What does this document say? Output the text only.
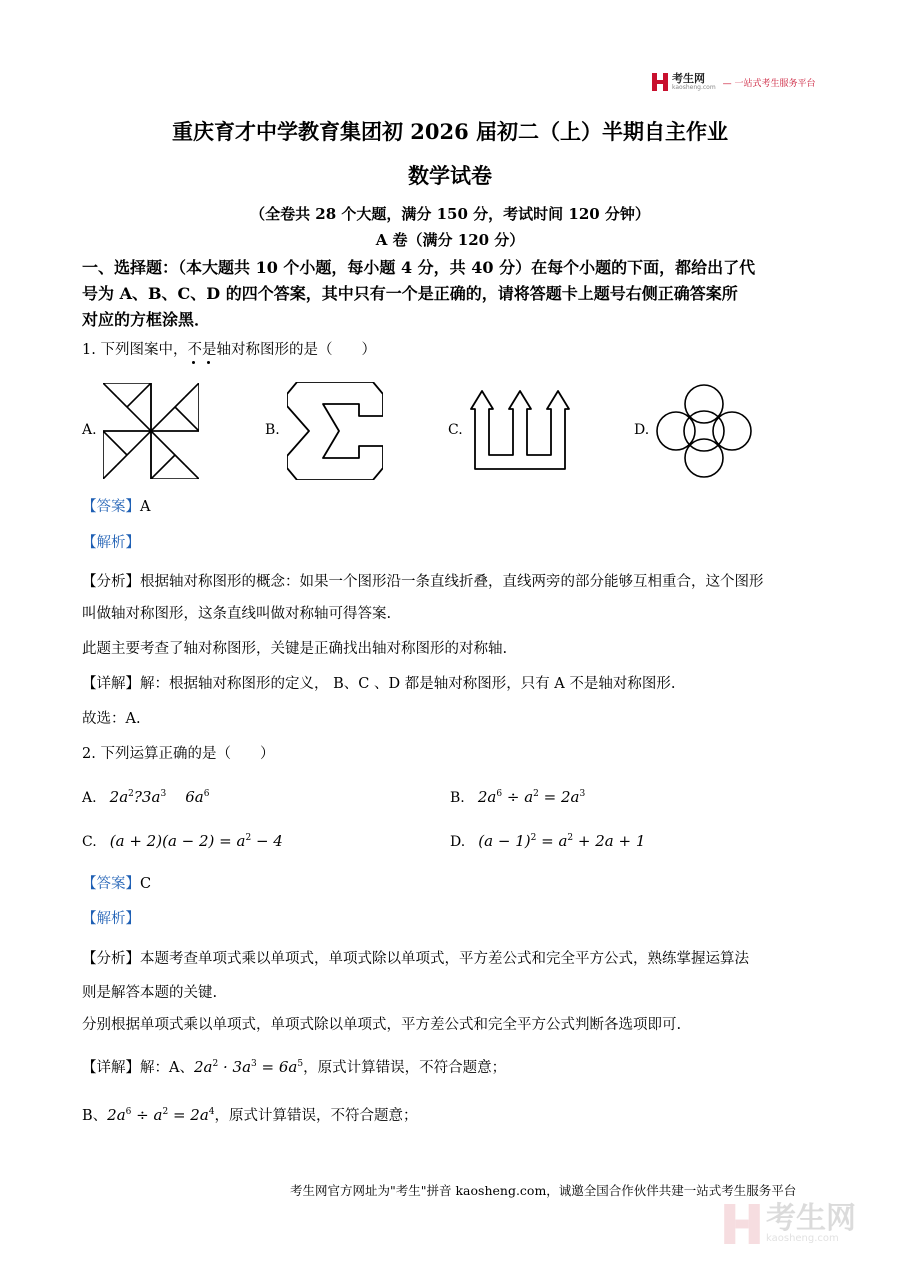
考生网
kaosheng.com — 一站式考生服务平台
重庆育才中学教育集团初 2026 届初二（上）半期自主作业
数学试卷
（全卷共 28 个大题，满分 150 分，考试时间 120 分钟）
A 卷（满分 120 分）
一、选择题：（本大题共 10 个小题，每小题 4 分，共 40 分）在每个小题的下面，都给出了代
号为 A、B、C、D 的四个答案，其中只有一个是正确的，请将答题卡上题号右侧正确答案所
对应的方框涂黑．
1. 下列图案中，不是
轴对称图形的是（　　）
A.	B.	C.	D.
【答案】A
【解析】
【分析】根据轴对称图形的概念：如果一个图形沿一条直线折叠，直线两旁的部分能够互相重合，这个图形
叫做轴对称图形，这条直线叫做对称轴可得答案.
此题主要考查了轴对称图形，关键是正确找出轴对称图形的对称轴.
【详解】解：根据轴对称图形的定义， B、C 、D 都是轴对称图形，只有 A 不是轴对称图形.
故选：A.
2. 下列运算正确的是（　　）
A. $2a^2?3a^3$    $6a^6$	B. $2a^6 \div a^2 = 2a^3$
C. $(a + 2)(a - 2) = a^2 - 4$	D. $(a - 1)^2 = a^2 + 2a + 1$
【答案】C
【解析】
【分析】本题考查单项式乘以单项式，单项式除以单项式，平方差公式和完全平方公式，熟练掌握运算法
则是解答本题的关键.
分别根据单项式乘以单项式，单项式除以单项式，平方差公式和完全平方公式判断各选项即可.
【详解】解：A、$2a^2 \cdot 3a^3 = 6a^5$，原式计算错误，不符合题意；
B、$2a^6 \div a^2 = 2a^4$，原式计算错误，不符合题意；
考生网官方网址为"考生"拼音 kaosheng.com，诚邀全国合作伙伴共建一站式考生服务平台
考生网
kaosheng.com
